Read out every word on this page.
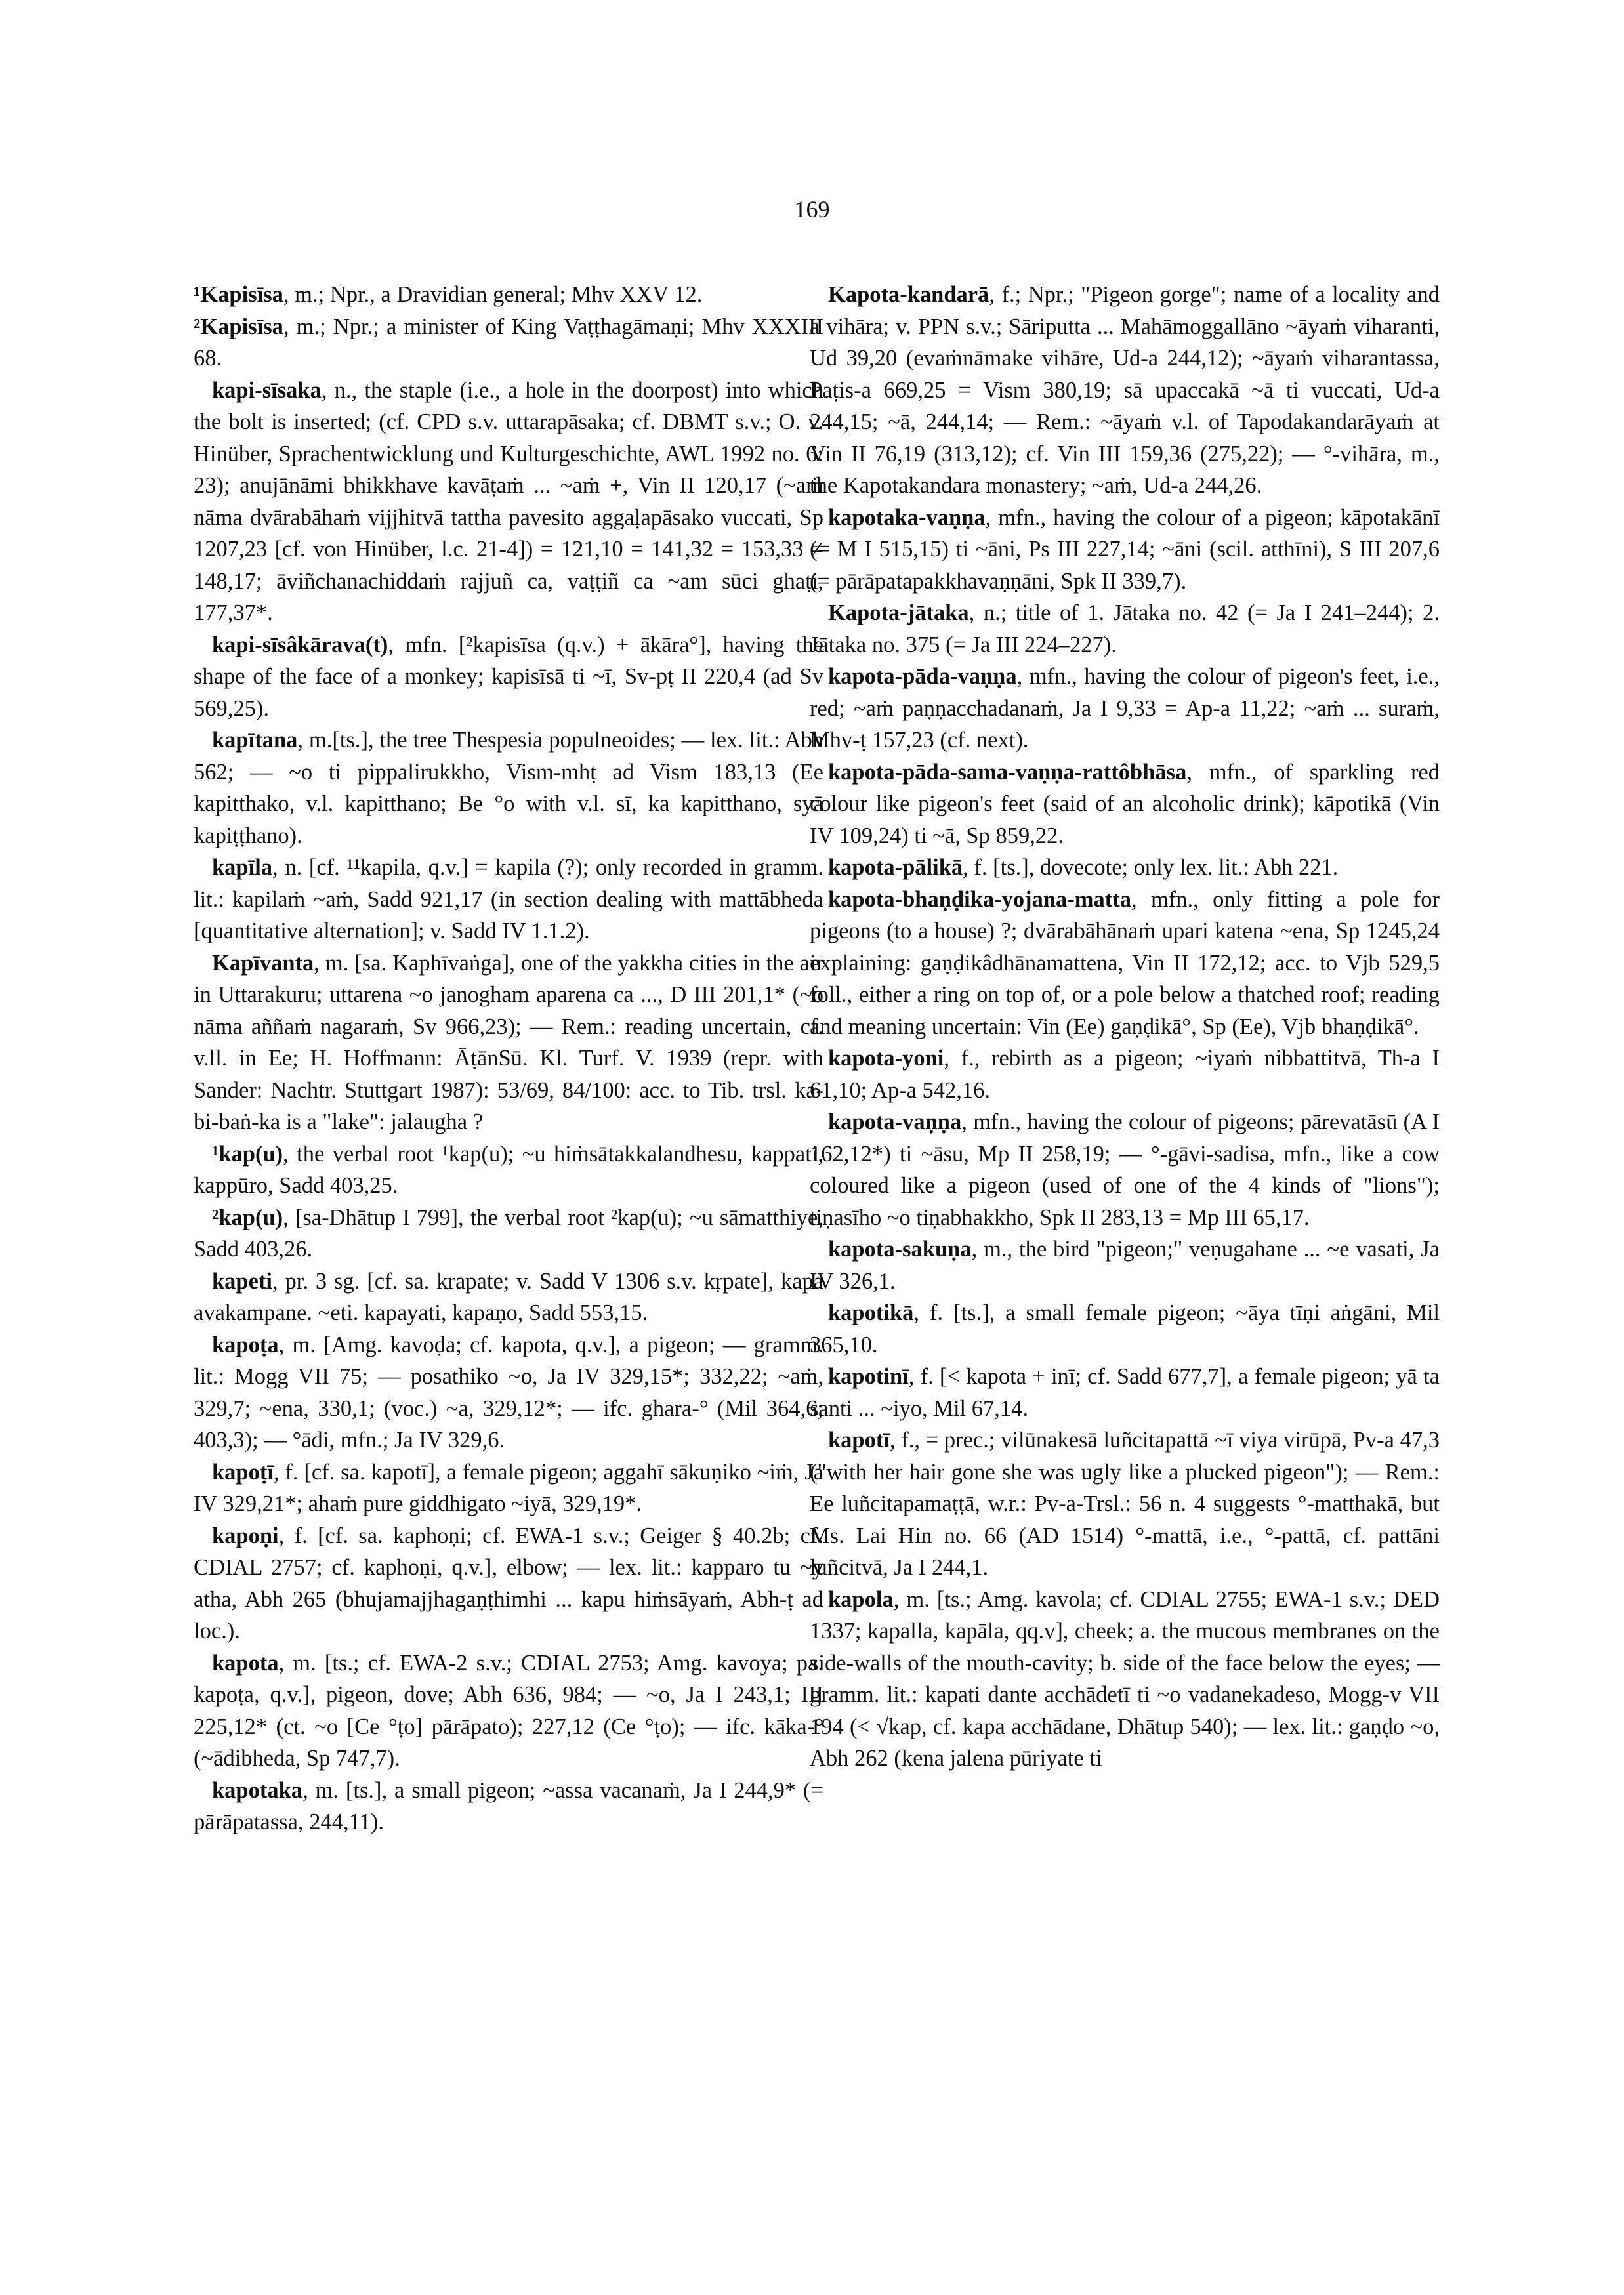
169

¹Kapisīsa, m.; Npr., a Dravidian general; Mhv XXV 12.

²Kapisīsa, m.; Npr.; a minister of King Vaṭṭhagāmaṇi; Mhv XXXIII 68.

kapi-sīsaka, n., the staple (i.e., a hole in the doorpost) into which the bolt is inserted; (cf. CPD s.v. uttarapāsaka; cf. DBMT s.v.; O. v. Hinüber, Sprachentwicklung und Kulturgeschichte, AWL 1992 no. 6: 23); anujānāmi bhikkhave kavāṭaṁ ... ~aṁ +, Vin II 120,17 (~aṁ nāma dvārabāhaṁ vijjhitvā tattha pavesito aggaḷapāsako vuccati, Sp 1207,23 [cf. von Hinüber, l.c. 21-4]) = 121,10 = 141,32 = 153,33 ≠ 148,17; āviñchanachiddaṁ rajjuñ ca, vaṭṭiñ ca ~am sūci ghaṭi, 177,37*.

kapi-sīsâkārava(t), mfn. [²kapisīsa (q.v.) + ākāra°], having the shape of the face of a monkey; kapisīsā ti ~ī, Sv-pṭ II 220,4 (ad Sv 569,25).

kapītana, m.[ts.], the tree Thespesia populneoides; — lex. lit.: Abh 562; — ~o ti pippalirukkho, Vism-mhṭ ad Vism 183,13 (Ee kapitthako, v.l. kapitthano; Be °o with v.l. sī, ka kapitthano, syā kapiṭṭhano).

kapīla, n. [cf. ¹¹kapila, q.v.] = kapila (?); only recorded in gramm. lit.: kapilaṁ ~aṁ, Sadd 921,17 (in section dealing with mattābheda [quantitative alternation]; v. Sadd IV 1.1.2).

Kapīvanta, m. [sa. Kaphīvaṅga], one of the yakkha cities in the air in Uttarakuru; uttarena ~o janogham aparena ca ..., D III 201,1* (~o nāma aññaṁ nagaraṁ, Sv 966,23); — Rem.: reading uncertain, cf. v.ll. in Ee; H. Hoffmann: ĀṭānSū. Kl. Turf. V. 1939 (repr. with Sander: Nachtr. Stuttgart 1987): 53/69, 84/100: acc. to Tib. trsl. ka-bi-baṅ-ka is a "lake": jalaugha ?

¹kap(u), the verbal root ¹kap(u); ~u hiṁsātakkalandhesu, kappati, kappūro, Sadd 403,25.

²kap(u), [sa-Dhātup I 799], the verbal root ²kap(u); ~u sāmatthiye, Sadd 403,26.

kapeti, pr. 3 sg. [cf. sa. krapate; v. Sadd V 1306 s.v. kṛpate], kapa avakampane. ~eti. kapayati, kapaṇo, Sadd 553,15.

kapoṭa, m. [Amg. kavoḍa; cf. kapota, q.v.], a pigeon; — gramm. lit.: Mogg VII 75; — posathiko ~o, Ja IV 329,15*; 332,22; ~aṁ, 329,7; ~ena, 330,1; (voc.) ~a, 329,12*; — ifc. ghara-° (Mil 364,6; 403,3); — °ādi, mfn.; Ja IV 329,6.

kapoṭī, f. [cf. sa. kapotī], a female pigeon; aggahī sākuṇiko ~iṁ, Ja IV 329,21*; ahaṁ pure giddhigato ~iyā, 329,19*.

kapoṇi, f. [cf. sa. kaphoṇi; cf. EWA-1 s.v.; Geiger § 40.2b; cf. CDIAL 2757; cf. kaphoṇi, q.v.], elbow; — lex. lit.: kapparo tu ~y atha, Abh 265 (bhujamajjhagaṇṭhimhi ... kapu hiṁsāyaṁ, Abh-ṭ ad loc.).

kapota, m. [ts.; cf. EWA-2 s.v.; CDIAL 2753; Amg. kavoya; pa. kapoṭa, q.v.], pigeon, dove; Abh 636, 984; — ~o, Ja I 243,1; III 225,12* (ct. ~o [Ce °ṭo] pārāpato); 227,12 (Ce °ṭo); — ifc. kāka-° (~ādibheda, Sp 747,7).

kapotaka, m. [ts.], a small pigeon; ~assa vacanaṁ, Ja I 244,9* (= pārāpatassa, 244,11).

Kapota-kandarā, f.; Npr.; "Pigeon gorge"; name of a locality and a vihāra; v. PPN s.v.; Sāriputta ... Mahāmoggallāno ~āyaṁ viharanti, Ud 39,20 (evaṁnāmake vihāre, Ud-a 244,12); ~āyaṁ viharantassa, Paṭis-a 669,25 = Vism 380,19; sā upaccakā ~ā ti vuccati, Ud-a 244,15; ~ā, 244,14; — Rem.: ~āyaṁ v.l. of Tapodakandarāyaṁ at Vin II 76,19 (313,12); cf. Vin III 159,36 (275,22); — °-vihāra, m., the Kapotakandara monastery; ~aṁ, Ud-a 244,26.

kapotaka-vaṇṇa, mfn., having the colour of a pigeon; kāpotakānī (= M I 515,15) ti ~āni, Ps III 227,14; ~āni (scil. atthīni), S III 207,6 (= pārāpatapakkhavaṇṇāni, Spk II 339,7).

Kapota-jātaka, n.; title of 1. Jātaka no. 42 (= Ja I 241–244); 2. Jātaka no. 375 (= Ja III 224–227).

kapota-pāda-vaṇṇa, mfn., having the colour of pigeon's feet, i.e., red; ~aṁ paṇṇacchadanaṁ, Ja I 9,33 = Ap-a 11,22; ~aṁ ... suraṁ, Mhv-ṭ 157,23 (cf. next).

kapota-pāda-sama-vaṇṇa-rattôbhāsa, mfn., of sparkling red colour like pigeon's feet (said of an alcoholic drink); kāpotikā (Vin IV 109,24) ti ~ā, Sp 859,22.

kapota-pālikā, f. [ts.], dovecote; only lex. lit.: Abh 221.

kapota-bhaṇḍika-yojana-matta, mfn., only fitting a pole for pigeons (to a house) ?; dvārabāhānaṁ upari katena ~ena, Sp 1245,24 explaining: gaṇḍikâdhānamattena, Vin II 172,12; acc. to Vjb 529,5 foll., either a ring on top of, or a pole below a thatched roof; reading and meaning uncertain: Vin (Ee) gaṇḍikā°, Sp (Ee), Vjb bhaṇḍikā°.

kapota-yoni, f., rebirth as a pigeon; ~iyaṁ nibbattitvā, Th-a I 61,10; Ap-a 542,16.

kapota-vaṇṇa, mfn., having the colour of pigeons; pārevatāsū (A I 162,12*) ti ~āsu, Mp II 258,19; — °-gāvi-sadisa, mfn., like a cow coloured like a pigeon (used of one of the 4 kinds of "lions"); tiṇasīho ~o tiṇabhakkho, Spk II 283,13 = Mp III 65,17.

kapota-sakuṇa, m., the bird "pigeon;" veṇugahane ... ~e vasati, Ja IV 326,1.

kapotikā, f. [ts.], a small female pigeon; ~āya tīṇi aṅgāni, Mil 365,10.

kapotinī, f. [< kapota + inī; cf. Sadd 677,7], a female pigeon; yā ta santi ... ~iyo, Mil 67,14.

kapotī, f., = prec.; vilūnakesā luñcitapattā ~ī viya virūpā, Pv-a 47,3 ("with her hair gone she was ugly like a plucked pigeon"); — Rem.: Ee luñcitapamaṭṭā, w.r.: Pv-a-Trsl.: 56 n. 4 suggests °-matthakā, but Ms. Lai Hin no. 66 (AD 1514) °-mattā, i.e., °-pattā, cf. pattāni luñcitvā, Ja I 244,1.

kapola, m. [ts.; Amg. kavola; cf. CDIAL 2755; EWA-1 s.v.; DED 1337; kapalla, kapāla, qq.v], cheek; a. the mucous membranes on the side-walls of the mouth-cavity; b. side of the face below the eyes; — gramm. lit.: kapati dante acchādetī ti ~o vadanekadeso, Mogg-v VII 194 (< √kap, cf. kapa acchādane, Dhātup 540); — lex. lit.: gaṇḍo ~o, Abh 262 (kena jalena pūriyate ti
